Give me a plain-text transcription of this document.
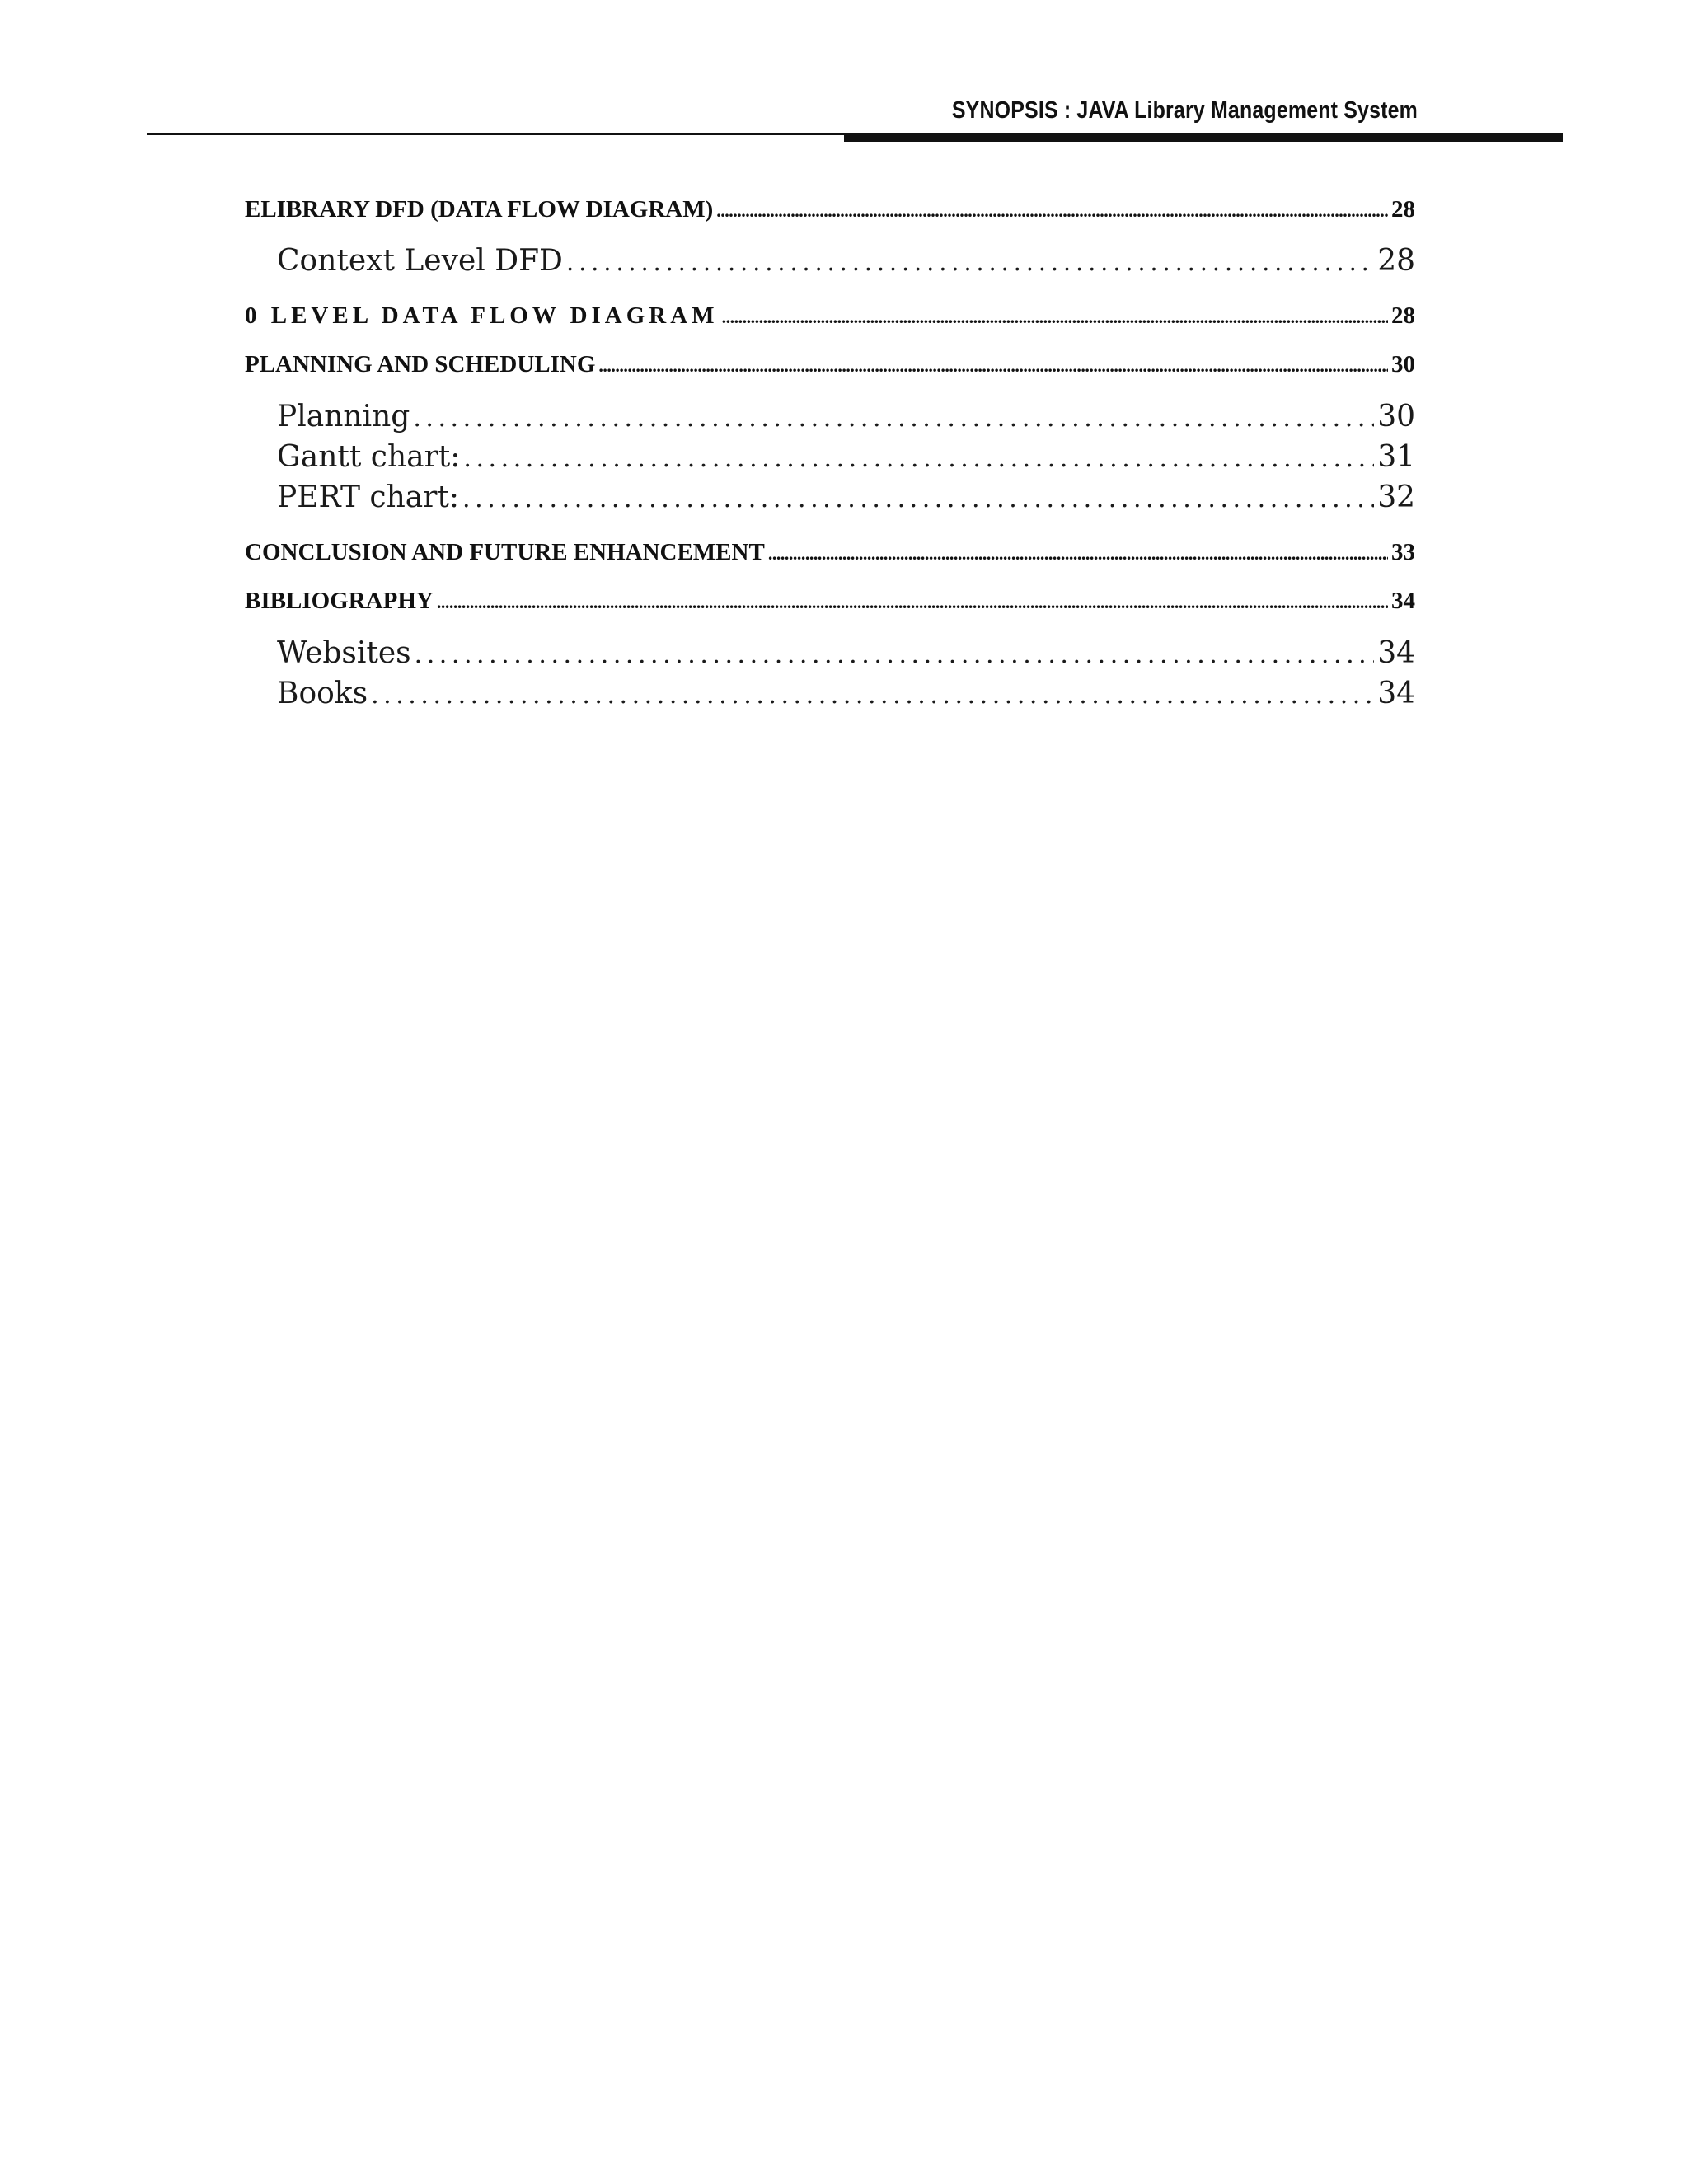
SYNOPSIS : JAVA Library Management System
ELIBRARY DFD (DATA FLOW DIAGRAM) . . .	28
Context Level DFD . . .	28
0 LEVEL DATA FLOW DIAGRAM . . .	28
PLANNING AND SCHEDULING . . .	30
Planning . . .	30
Gantt chart: . . .	31
PERT chart: . . .	32
CONCLUSION AND FUTURE ENHANCEMENT . . .	33
BIBLIOGRAPHY . . .	34
Websites . . .	34
Books . . .	34
